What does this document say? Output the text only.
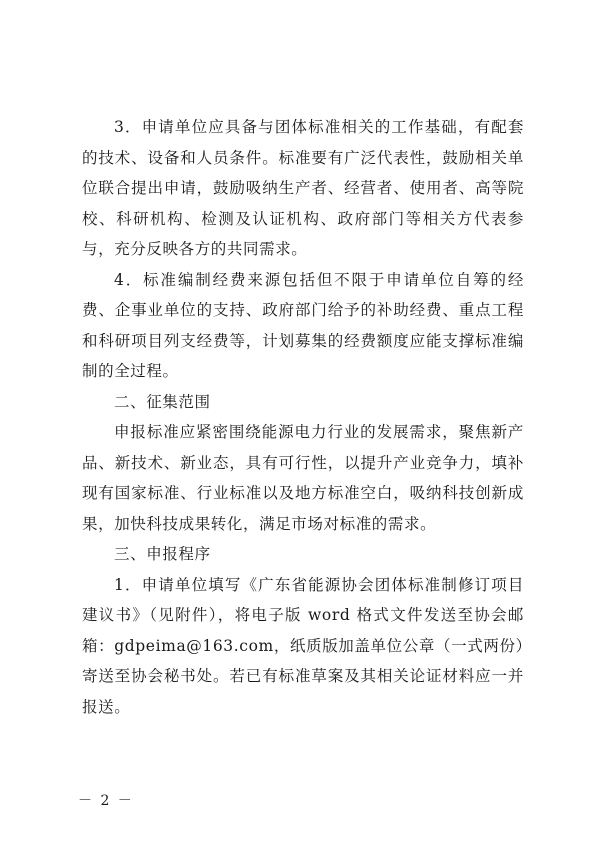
3．申请单位应具备与团体标准相关的工作基础，有配套的技术、设备和人员条件。标准要有广泛代表性，鼓励相关单位联合提出申请，鼓励吸纳生产者、经营者、使用者、高等院校、科研机构、检测及认证机构、政府部门等相关方代表参与，充分反映各方的共同需求。

4．标准编制经费来源包括但不限于申请单位自筹的经费、企事业单位的支持、政府部门给予的补助经费、重点工程和科研项目列支经费等，计划募集的经费额度应能支撑标准编制的全过程。

二、征集范围

申报标准应紧密围绕能源电力行业的发展需求，聚焦新产品、新技术、新业态，具有可行性，以提升产业竞争力，填补现有国家标准、行业标准以及地方标准空白，吸纳科技创新成果，加快科技成果转化，满足市场对标准的需求。

三、申报程序

1．申请单位填写《广东省能源协会团体标准制修订项目建议书》（见附件），将电子版 word 格式文件发送至协会邮箱：gdpeima@163.com，纸质版加盖单位公章（一式两份）寄送至协会秘书处。若已有标准草案及其相关论证材料应一并报送。

－ 2 －
